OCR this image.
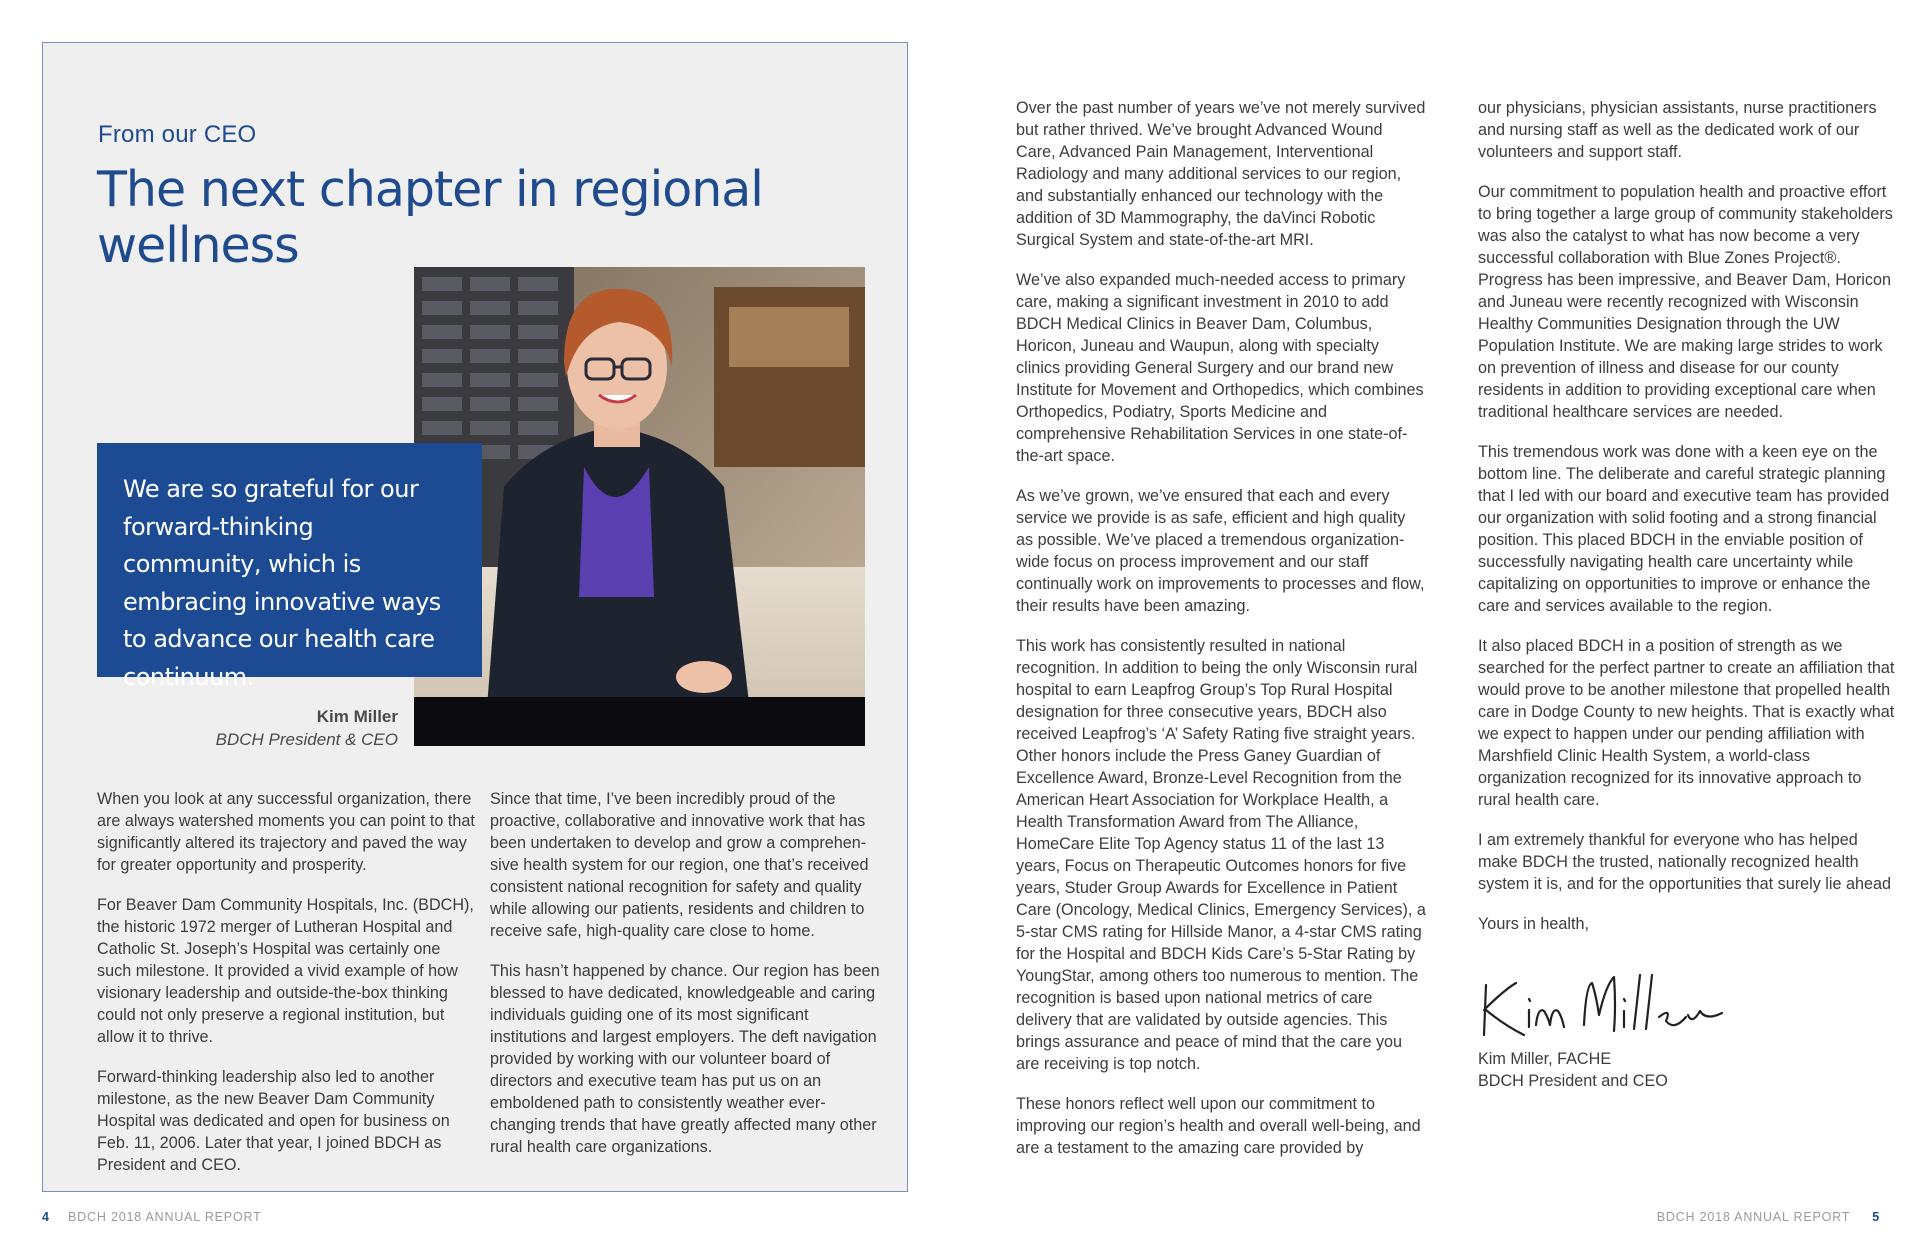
From our CEO
The next chapter in regional wellness
We are so grateful for our forward-thinking community, which is embracing innovative ways to advance our health care continuum.
Kim Miller
BDCH President & CEO

When you look at any successful organization, there are always watershed moments you can point to that significantly altered its trajectory and paved the way for greater opportunity and prosperity.

For Beaver Dam Community Hospitals, Inc. (BDCH), the historic 1972 merger of Lutheran Hospital and Catholic St. Joseph’s Hospital was certainly one such milestone. It provided a vivid example of how visionary leadership and outside-the-box thinking could not only preserve a regional institution, but allow it to thrive.

Forward-thinking leadership also led to another milestone, as the new Beaver Dam Community Hospital was dedicated and open for business on Feb. 11, 2006. Later that year, I joined BDCH as President and CEO.

Since that time, I’ve been incredibly proud of the proactive, collaborative and innovative work that has been undertaken to develop and grow a comprehen-sive health system for our region, one that’s received consistent national recognition for safety and quality while allowing our patients, residents and children to receive safe, high-quality care close to home.

This hasn’t happened by chance. Our region has been blessed to have dedicated, knowledgeable and caring individuals guiding one of its most significant institutions and largest employers. The deft navigation provided by working with our volunteer board of directors and executive team has put us on an emboldened path to consistently weather ever-changing trends that have greatly affected many other rural health care organizations.

Over the past number of years we’ve not merely survived but rather thrived. We’ve brought Advanced Wound Care, Advanced Pain Management, Interventional Radiology and many additional services to our region, and substantially enhanced our technology with the addition of 3D Mammography, the daVinci Robotic Surgical System and state-of-the-art MRI.

We’ve also expanded much-needed access to primary care, making a significant investment in 2010 to add BDCH Medical Clinics in Beaver Dam, Columbus, Horicon, Juneau and Waupun, along with specialty clinics providing General Surgery and our brand new Institute for Movement and Orthopedics, which combines Orthopedics, Podiatry, Sports Medicine and comprehensive Rehabilitation Services in one state-of-the-art space.

As we’ve grown, we’ve ensured that each and every service we provide is as safe, efficient and high quality as possible. We’ve placed a tremendous organization-wide focus on process improvement and our staff continually work on improvements to processes and flow, their results have been amazing.

This work has consistently resulted in national recognition. In addition to being the only Wisconsin rural hospital to earn Leapfrog Group’s Top Rural Hospital designation for three consecutive years, BDCH also received Leapfrog’s ‘A’ Safety Rating five straight years. Other honors include the Press Ganey Guardian of Excellence Award, Bronze-Level Recognition from the American Heart Association for Workplace Health, a Health Transformation Award from The Alliance, HomeCare Elite Top Agency status 11 of the last 13 years, Focus on Therapeutic Outcomes honors for five years, Studer Group Awards for Excellence in Patient Care (Oncology, Medical Clinics, Emergency Services), a 5-star CMS rating for Hillside Manor, a 4-star CMS rating for the Hospital and BDCH Kids Care’s 5-Star Rating by YoungStar, among others too numerous to mention. The recognition is based upon national metrics of care delivery that are validated by outside agencies. This brings assurance and peace of mind that the care you are receiving is top notch.

These honors reflect well upon our commitment to improving our region’s health and overall well-being, and are a testament to the amazing care provided by

our physicians, physician assistants, nurse practitioners and nursing staff as well as the dedicated work of our volunteers and support staff.

Our commitment to population health and proactive effort to bring together a large group of community stakeholders was also the catalyst to what has now become a very successful collaboration with Blue Zones Project®. Progress has been impressive, and Beaver Dam, Horicon and Juneau were recently recognized with Wisconsin Healthy Communities Designation through the UW Population Institute. We are making large strides to work on prevention of illness and disease for our county residents in addition to providing exceptional care when traditional healthcare services are needed.

This tremendous work was done with a keen eye on the bottom line. The deliberate and careful strategic planning that I led with our board and executive team has provided our organization with solid footing and a strong financial position. This placed BDCH in the enviable position of successfully navigating health care uncertainty while capitalizing on opportunities to improve or enhance the care and services available to the region.

It also placed BDCH in a position of strength as we searched for the perfect partner to create an affiliation that would prove to be another milestone that propelled health care in Dodge County to new heights. That is exactly what we expect to happen under our pending affiliation with Marshfield Clinic Health System, a world-class organization recognized for its innovative approach to rural health care.

I am extremely thankful for everyone who has helped make BDCH the trusted, nationally recognized health system it is, and for the opportunities that surely lie ahead

Yours in health,

Kim Miller, FACHE
BDCH President and CEO
4 BDCH 2018 ANNUAL REPORT	BDCH 2018 ANNUAL REPORT 5
